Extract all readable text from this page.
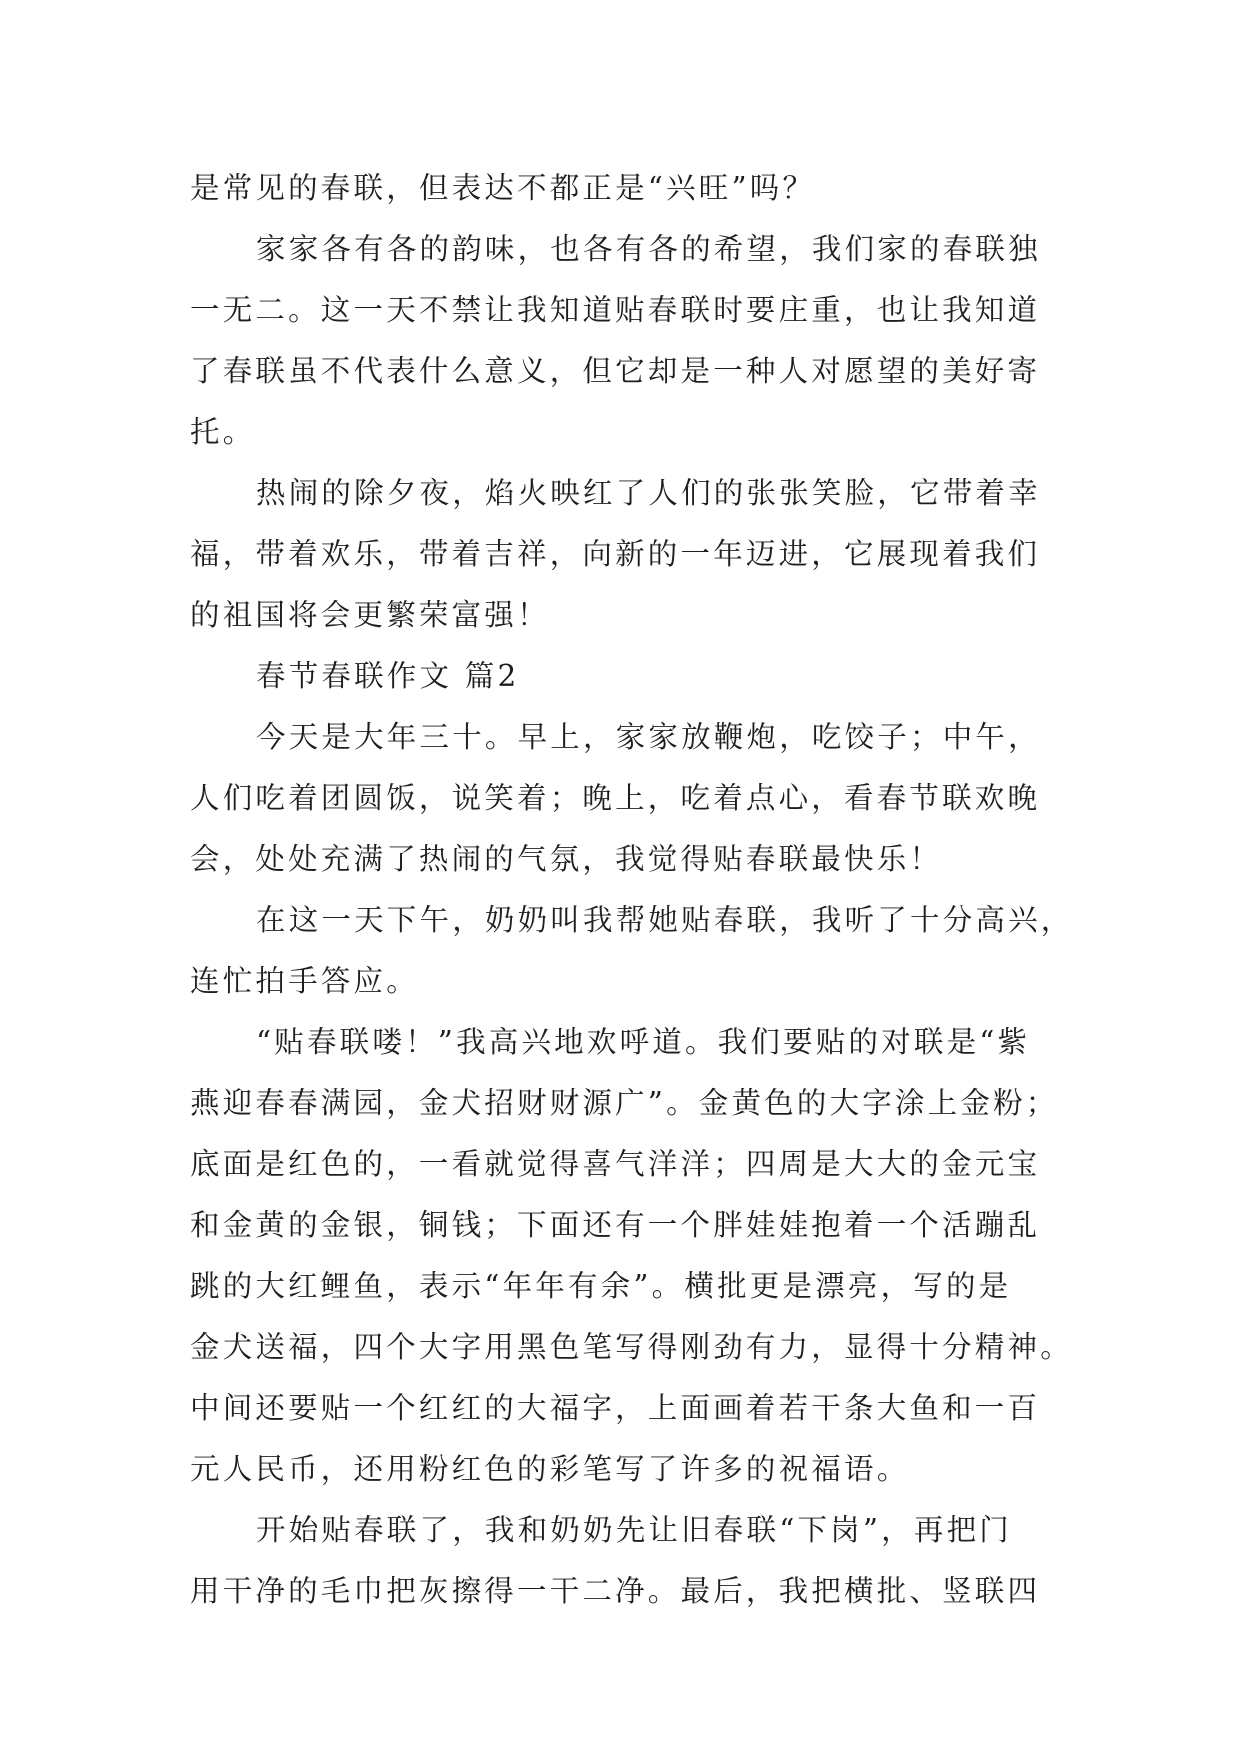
是常见的春联，但表达不都正是“兴旺”吗？
家家各有各的韵味，也各有各的希望，我们家的春联独
一无二。这一天不禁让我知道贴春联时要庄重，也让我知道
了春联虽不代表什么意义，但它却是一种人对愿望的美好寄
托。
热闹的除夕夜，焰火映红了人们的张张笑脸，它带着幸
福，带着欢乐，带着吉祥，向新的一年迈进，它展现着我们
的祖国将会更繁荣富强！
春节春联作文 篇2
今天是大年三十。早上，家家放鞭炮，吃饺子；中午，
人们吃着团圆饭，说笑着；晚上，吃着点心，看春节联欢晚
会，处处充满了热闹的气氛，我觉得贴春联最快乐！
在这一天下午，奶奶叫我帮她贴春联，我听了十分高兴，
连忙拍手答应。
“贴春联喽！”我高兴地欢呼道。我们要贴的对联是“紫
燕迎春春满园，金犬招财财源广”。金黄色的大字涂上金粉；
底面是红色的，一看就觉得喜气洋洋；四周是大大的金元宝
和金黄的金银，铜钱；下面还有一个胖娃娃抱着一个活蹦乱
跳的大红鲤鱼，表示“年年有余”。横批更是漂亮，写的是
金犬送福，四个大字用黑色笔写得刚劲有力，显得十分精神。
中间还要贴一个红红的大福字，上面画着若干条大鱼和一百
元人民币，还用粉红色的彩笔写了许多的祝福语。
开始贴春联了，我和奶奶先让旧春联“下岗”，再把门
用干净的毛巾把灰擦得一干二净。最后，我把横批、竖联四
